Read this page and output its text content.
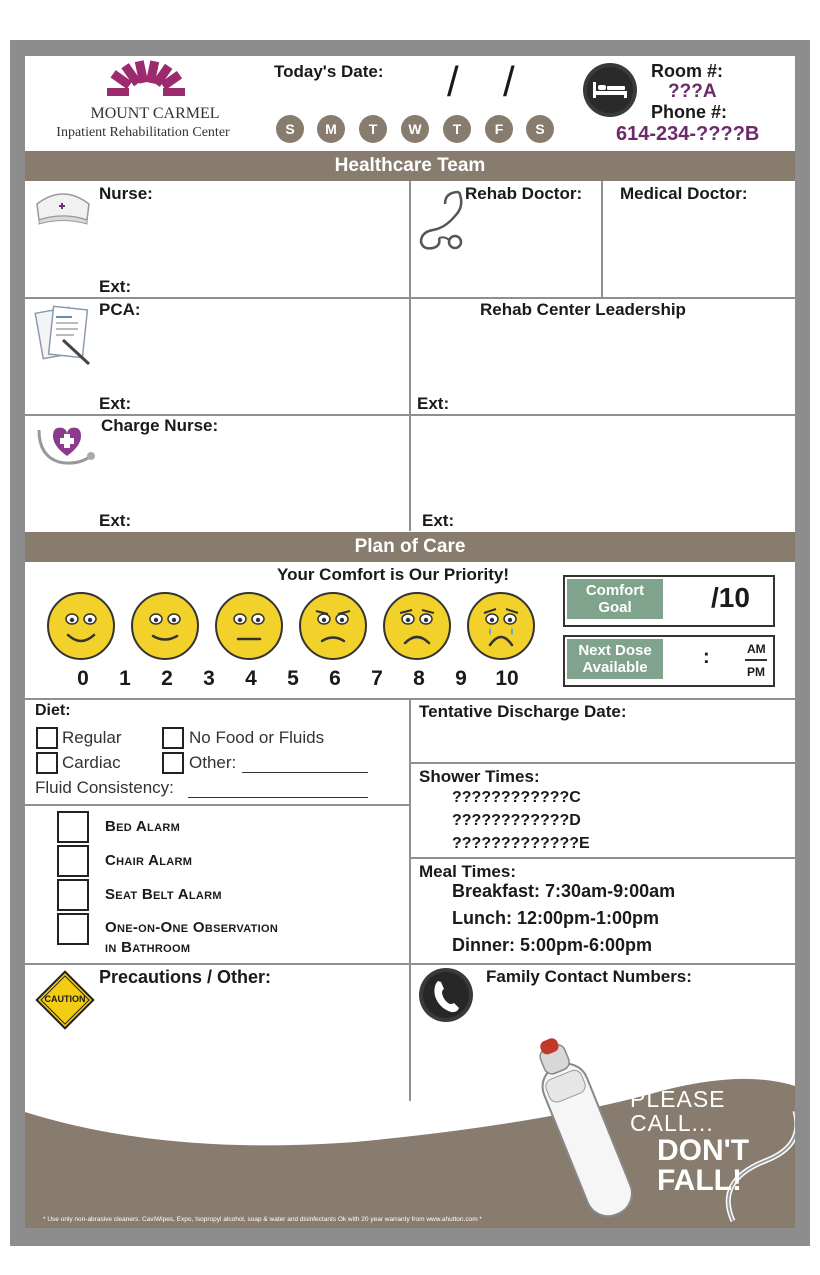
MOUNT CARMEL
Inpatient Rehabilitation Center
Today's Date: / /
S	M	T	W	T	F	S
Room #:
???A
Phone #:
614-234-????B
Healthcare Team
Nurse:
Ext:
Rehab Doctor: Medical Doctor:
PCA:
Ext:
Rehab Center Leadership
Ext:
Charge Nurse:
Ext:	Ext:
Plan of Care
Your Comfort is Our Priority!
0 1 2 3 4 5 6 7 8 9 10
Comfort Goal	/10
Next Dose Available	:	AM
PM
Diet:
Regular	No Food or Fluids
Cardiac	Other:
Fluid Consistency:
Bed Alarm
Chair Alarm
Seat Belt Alarm
One-on-One Observation
in Bathroom
Tentative Discharge Date:
Shower Times:
????????????C
????????????D
?????????????E
Meal Times:
Breakfast: 7:30am-9:00am
Lunch: 12:00pm-1:00pm
Dinner: 5:00pm-6:00pm
CAUTION
Precautions / Other:	Family Contact Numbers:
PLEASE
CALL...
DON'T
FALL!
* Use only non-abrasive cleaners. CaviWipes, Expo, Isopropyl alcohol, soap & water and disinfectants Ok with 20 year warranty from www.ahutton.com *
